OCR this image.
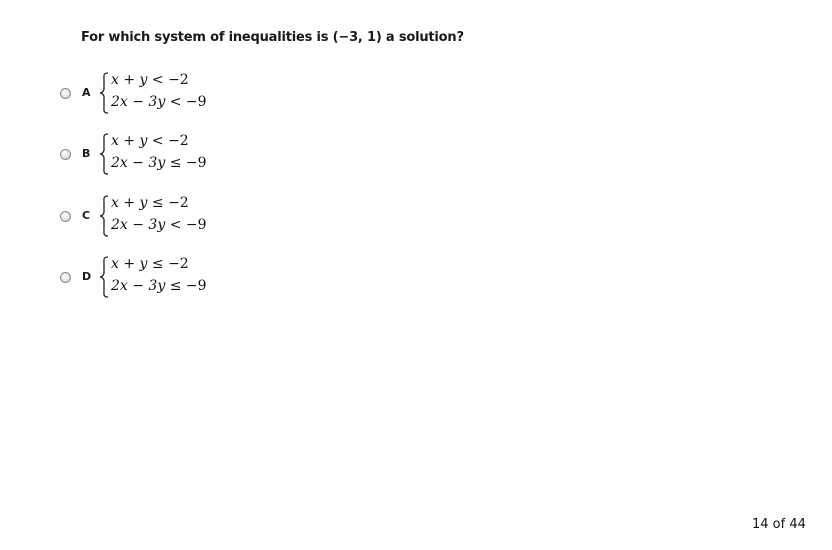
For which system of inequalities is (−3, 1) a solution?
A
x + y < −2
2x − 3y < −9
B
x + y < −2
2x − 3y ≤ −9
C
x + y ≤ −2
2x − 3y < −9
D
x + y ≤ −2
2x − 3y ≤ −9
14 of 44
